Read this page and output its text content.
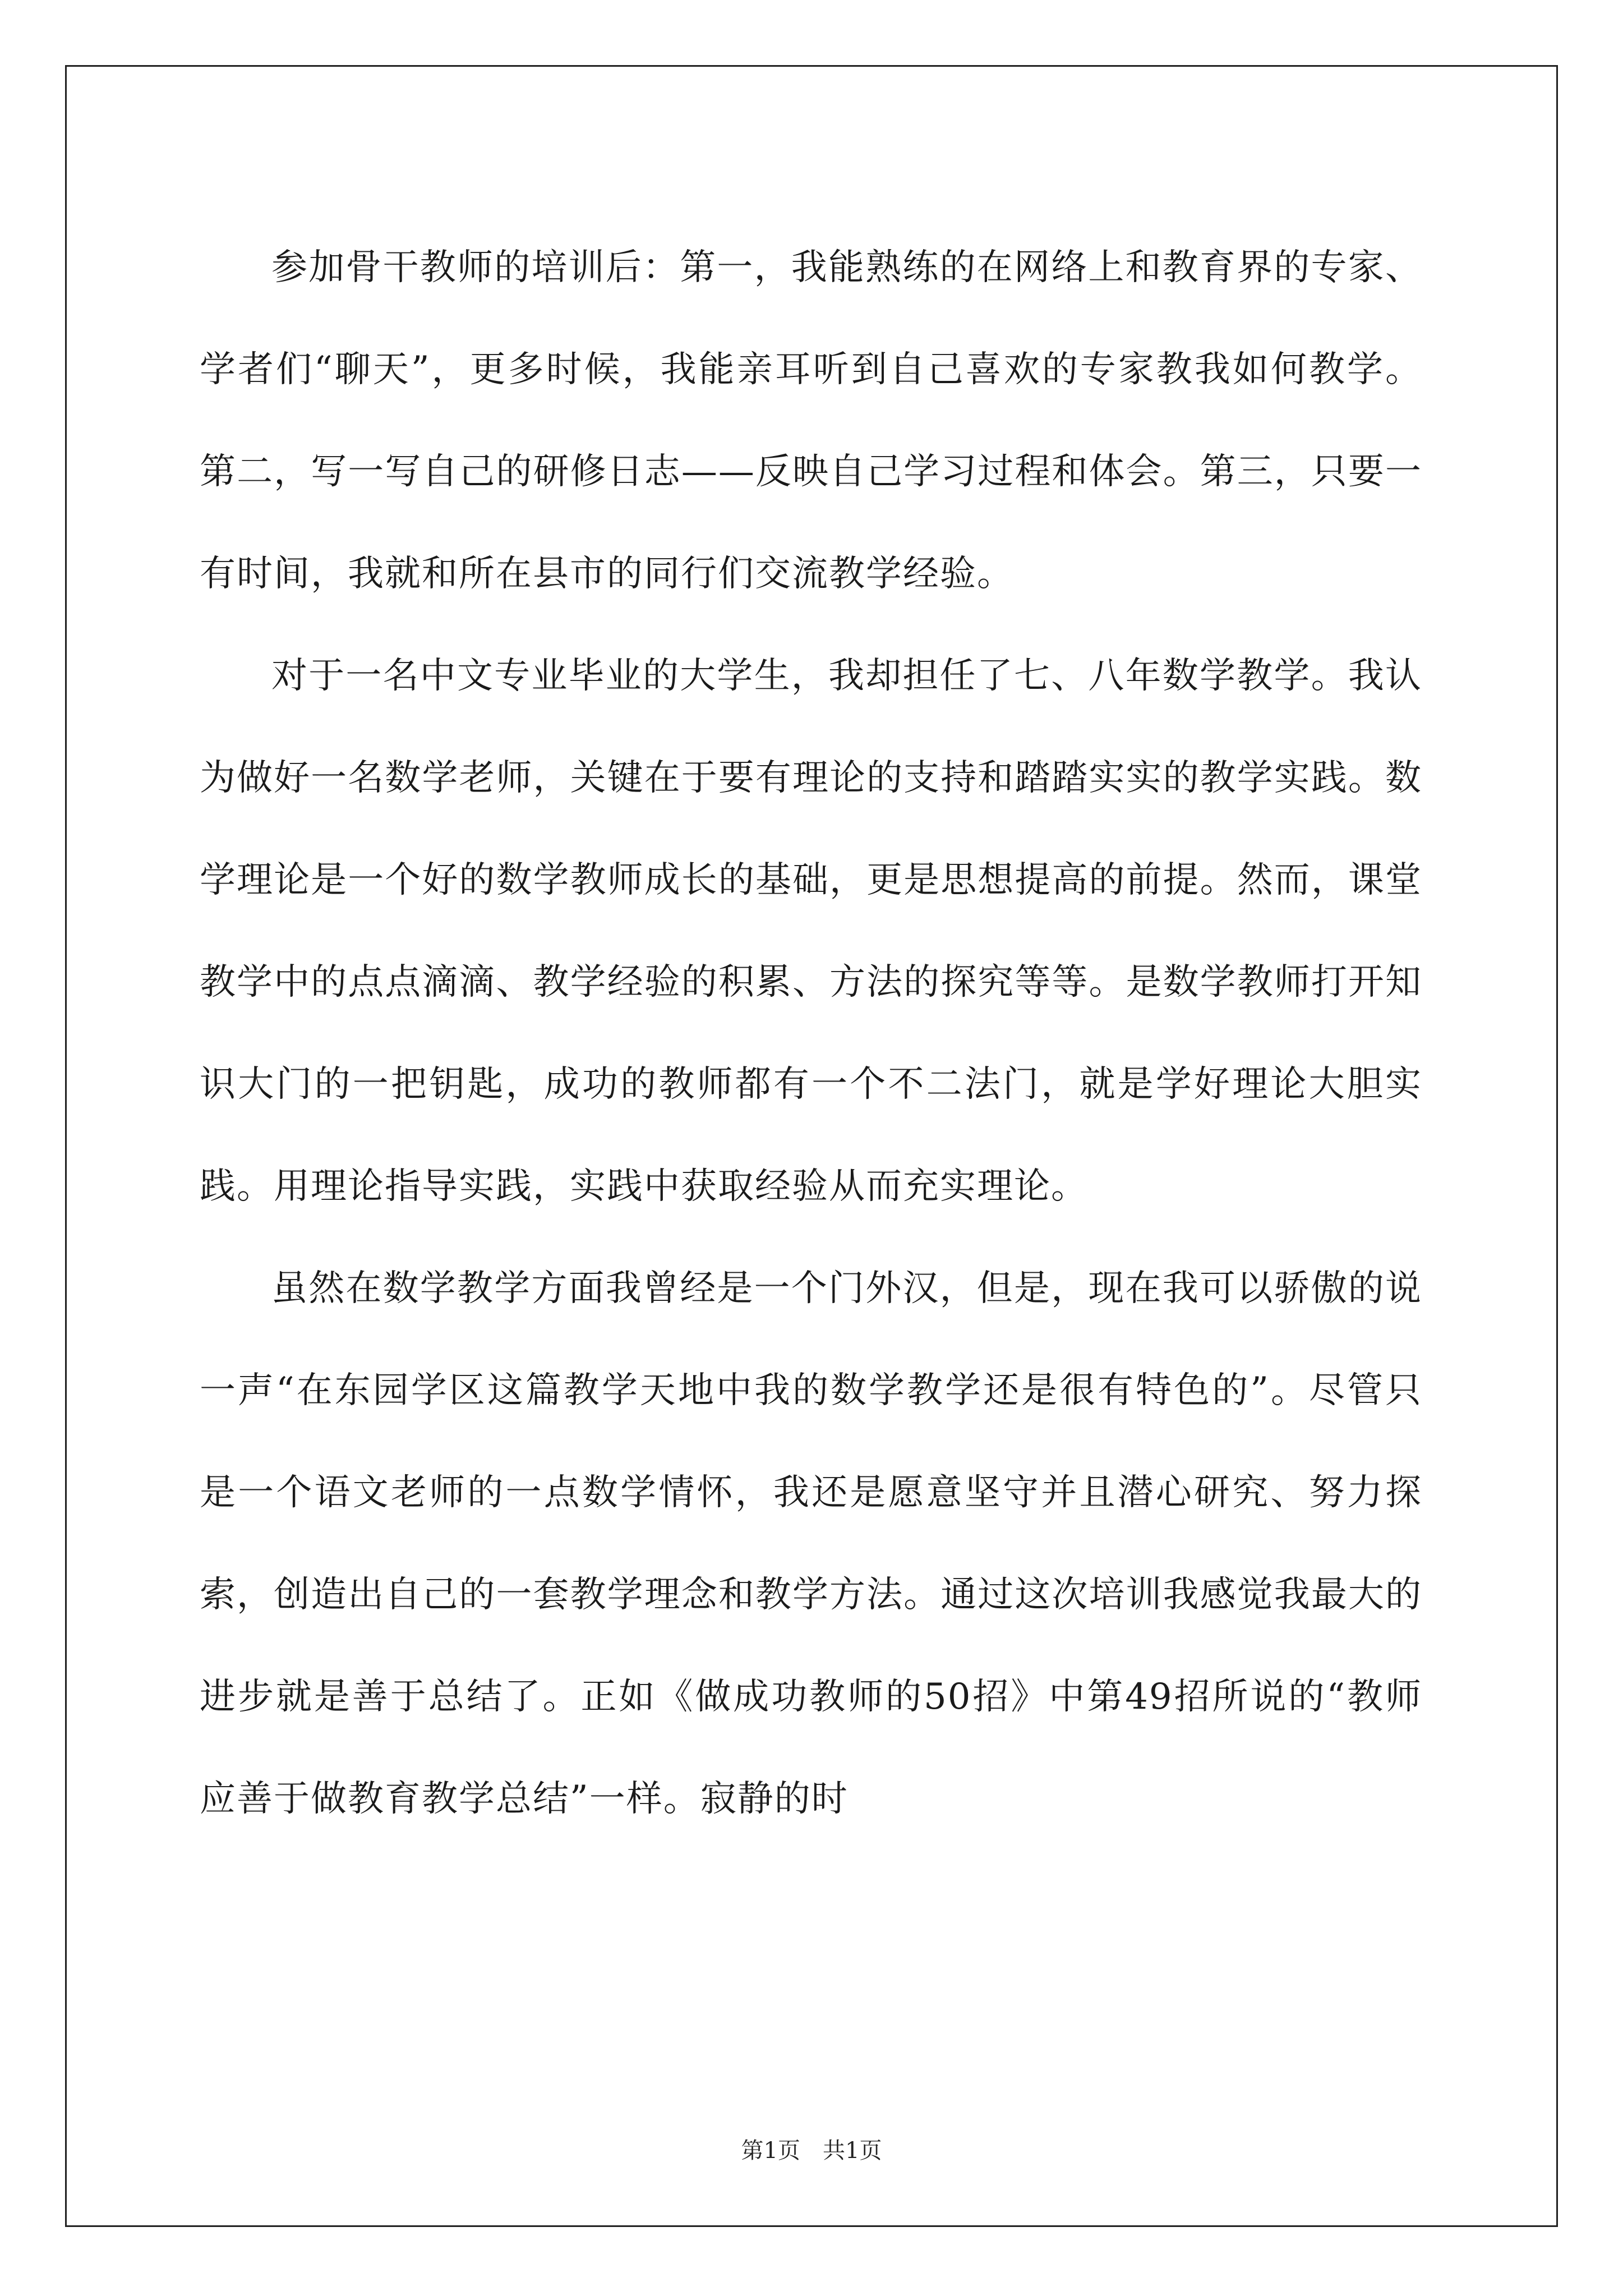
参加骨干教师的培训后：第一，我能熟练的在网络上和教育界的专家、学者们“聊天”，更多时候，我能亲耳听到自己喜欢的专家教我如何教学。第二，写一写自己的研修日志——反映自己学习过程和体会。第三，只要一有时间，我就和所在县市的同行们交流教学经验。

对于一名中文专业毕业的大学生，我却担任了七、八年数学教学。我认为做好一名数学老师，关键在于要有理论的支持和踏踏实实的教学实践。数学理论是一个好的数学教师成长的基础，更是思想提高的前提。然而，课堂教学中的点点滴滴、教学经验的积累、方法的探究等等。是数学教师打开知识大门的一把钥匙，成功的教师都有一个不二法门，就是学好理论大胆实践。用理论指导实践，实践中获取经验从而充实理论。

虽然在数学教学方面我曾经是一个门外汉，但是，现在我可以骄傲的说一声“在东园学区这篇教学天地中我的数学教学还是很有特色的”。尽管只是一个语文老师的一点数学情怀，我还是愿意坚守并且潜心研究、努力探索，创造出自己的一套教学理念和教学方法。通过这次培训我感觉我最大的进步就是善于总结了。正如《做成功教师的50招》中第49招所说的“教师应善于做教育教学总结”一样。寂静的时

第1页 共1页
